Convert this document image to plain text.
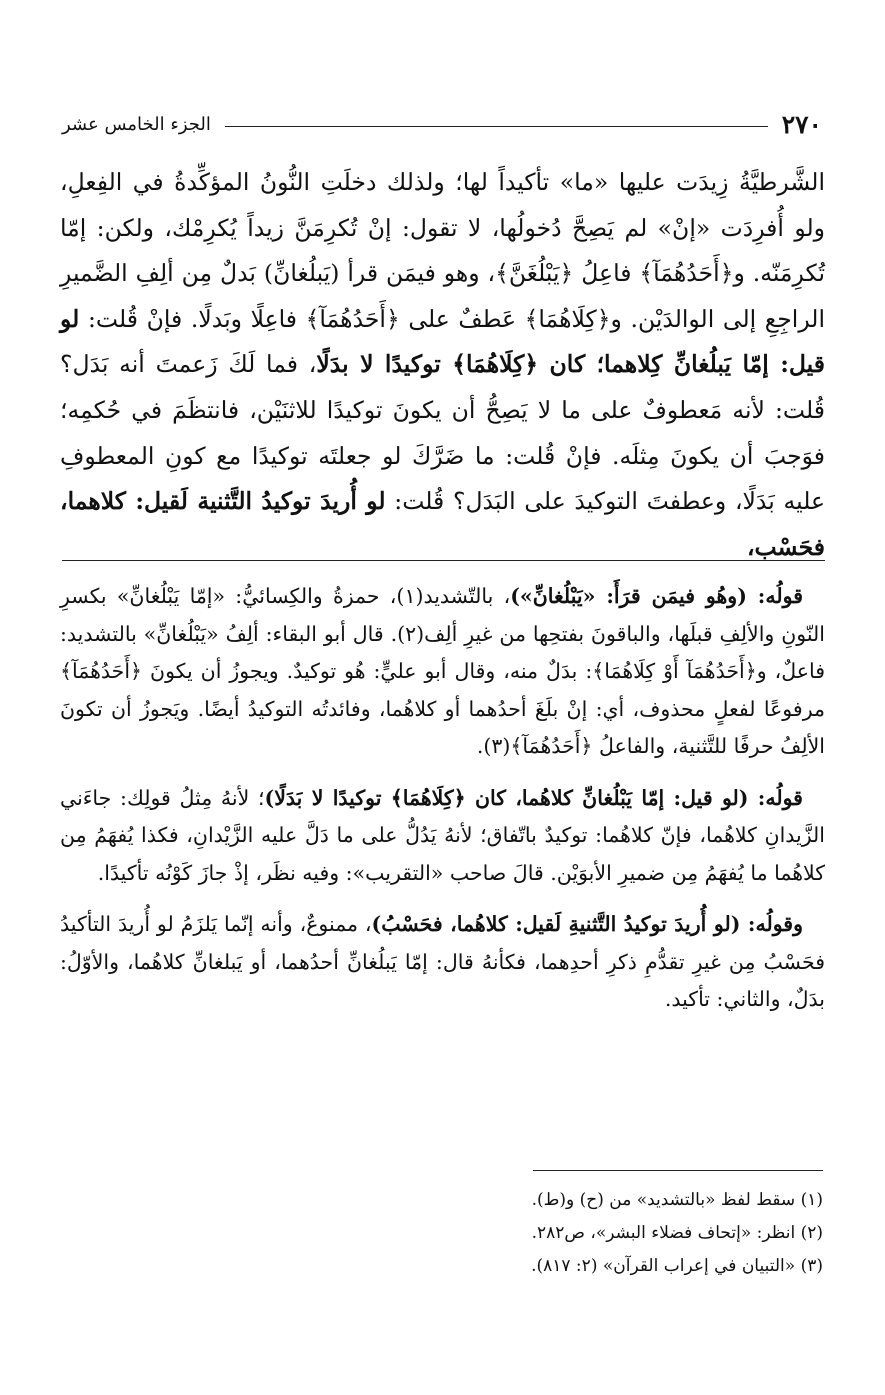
٢٧٠
الجزء الخامس عشر

الشَّرطيَّةُ زِيدَت عليها «ما» تأكيداً لها؛ ولذلك دخلَتِ النُّونُ المؤكِّدةُ في الفِعلِ، ولو أُفرِدَت «إنْ» لم يَصِحَّ دُخولُها، لا تقول: إنْ تُكرِمَنَّ زيداً يُكرِمْك، ولكن: إمّا تُكرِمَنّه. و﴿أَحَدُهُمَآ﴾ فاعِلُ ﴿يَبْلُغَنَّ﴾، وهو فيمَن قرأ (يَبلُغانِّ) بَدلٌ مِن ألِفِ الضَّميرِ الراجِعِ إلى الوالدَيْن. و﴿كِلَاهُمَا﴾ عَطفٌ على ﴿أَحَدُهُمَآ﴾ فاعِلًا وبَدلًا. فإنْ قُلت: لو قيل: إمّا يَبلُغانِّ كِلاهما؛ كان ﴿كِلَاهُمَا﴾ توكيدًا لا بدَلًا، فما لَكَ زَعمتَ أنه بَدَل؟ قُلت: لأنه مَعطوفٌ على ما لا يَصِحُّ أن يكونَ توكيدًا للاثنَيْن، فانتظَمَ في حُكمِه؛ فوَجبَ أن يكونَ مِثلَه. فإنْ قُلت: ما ضَرَّكَ لو جعلتَه توكيدًا مع كونِ المعطوفِ عليه بَدَلًا، وعطفتَ التوكيدَ على البَدَل؟ قُلت: لو أُريدَ توكيدُ التَّثنية لَقيل: كلاهما، فحَسْب،

قولُه: (وهُو فيمَن قرَأَ: «يَبْلُغانِّ»)، بالتّشديد(١)، حمزةُ والكِسائيُّ: «إمّا يَبْلُغانِّ» بكسرِ النّونِ والألِفِ قبلَها، والباقونَ بفتحِها من غيرِ ألِف(٢). قال أبو البقاء: ألِفُ «يَبْلُغانِّ» بالتشديد: فاعلٌ، و﴿أَحَدُهُمَآ أَوْ كِلَاهُمَا﴾: بدَلٌ منه، وقال أبو عليٍّ: هُو توكيدٌ. ويجوزُ أن يكونَ ﴿أَحَدُهُمَآ﴾ مرفوعًا لفعلٍ محذوف، أي: إنْ بلَغَ أحدُهما أو كلاهُما، وفائدتُه التوكيدُ أيضًا. ويَجوزُ أن تكونَ الألِفُ حرفًا للتَّثنية، والفاعلُ ﴿أَحَدُهُمَآ﴾(٣).

قولُه: (لو قيل: إمّا يَبْلُغانِّ كلاهُما، كان ﴿كِلَاهُمَا﴾ توكيدًا لا بَدَلًا)؛ لأنهُ مِثلُ قولِك: جاءَني الزَّيدانِ كلاهُما، فإنّ كلاهُما: توكيدٌ باتّفاق؛ لأنهُ يَدُلُّ على ما دَلَّ عليه الزَّيْدانِ، فكذا يُفهَمُ مِن كلاهُما ما يُفهَمُ مِن ضميرِ الأبوَيْن. قالَ صاحب «التقريب»: وفيه نظَر، إذْ جازَ كَوْنُه تأكيدًا.

وقولُه: (لو أُريدَ توكيدُ التَّثنيةِ لَقيل: كلاهُما، فحَسْبُ)، ممنوعٌ، وأنه إنّما يَلزَمُ لو أُريدَ التأكيدُ فحَسْبُ مِن غيرِ تقدُّمِ ذكرِ أحدِهما، فكأنهُ قال: إمّا يَبلُغانِّ أحدُهما، أو يَبلغانِّ كلاهُما، والأوّلُ: بدَلٌ، والثاني: تأكيد.

(١) سقط لفظ «بالتشديد» من (ح) و(ط).
(٢) انظر: «إتحاف فضلاء البشر»، ص٢٨٢.
(٣) «التبيان في إعراب القرآن» (٢: ٨١٧).
